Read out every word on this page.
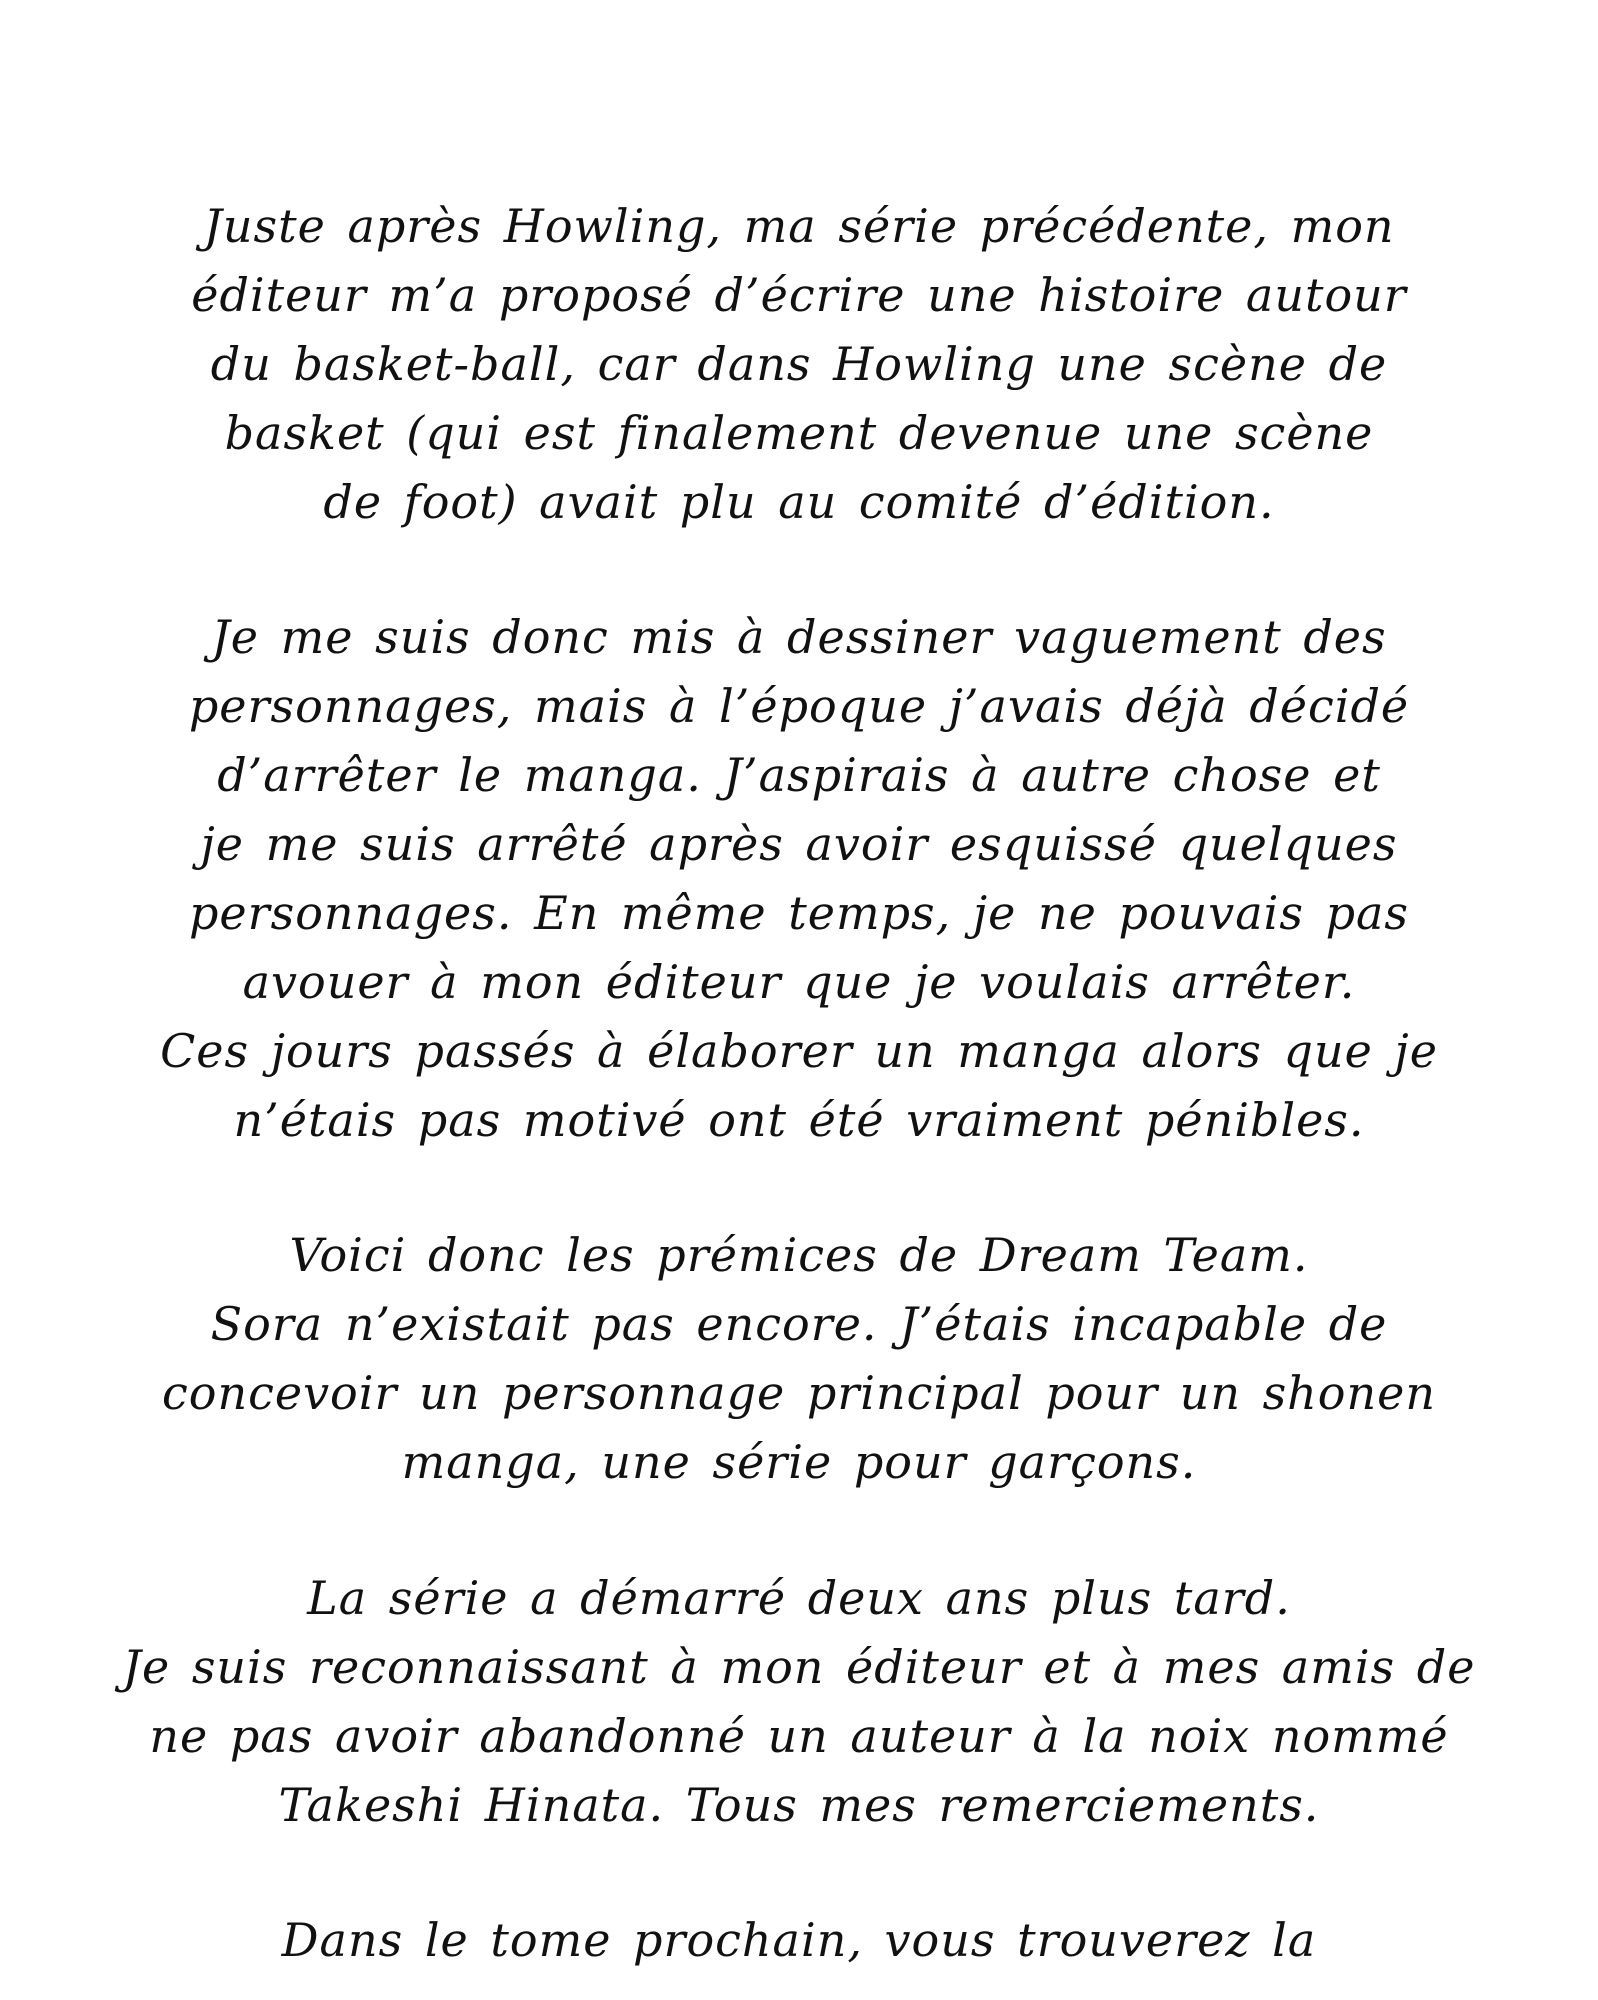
Juste après Howling, ma série précédente, mon
éditeur m’a proposé d’écrire une histoire autour
du basket-ball, car dans Howling une scène de
basket (qui est finalement devenue une scène
de foot) avait plu au comité d’édition.
Je me suis donc mis à dessiner vaguement des
personnages, mais à l’époque j’avais déjà décidé
d’arrêter le manga. J’aspirais à autre chose et
je me suis arrêté après avoir esquissé quelques
personnages. En même temps, je ne pouvais pas
avouer à mon éditeur que je voulais arrêter.
Ces jours passés à élaborer un manga alors que je
n’étais pas motivé ont été vraiment pénibles.
Voici donc les prémices de Dream Team.
Sora n’existait pas encore. J’étais incapable de
concevoir un personnage principal pour un shonen
manga, une série pour garçons.
La série a démarré deux ans plus tard.
Je suis reconnaissant à mon éditeur et à mes amis de
ne pas avoir abandonné un auteur à la noix nommé
Takeshi Hinata. Tous mes remerciements.
Dans le tome prochain, vous trouverez la
